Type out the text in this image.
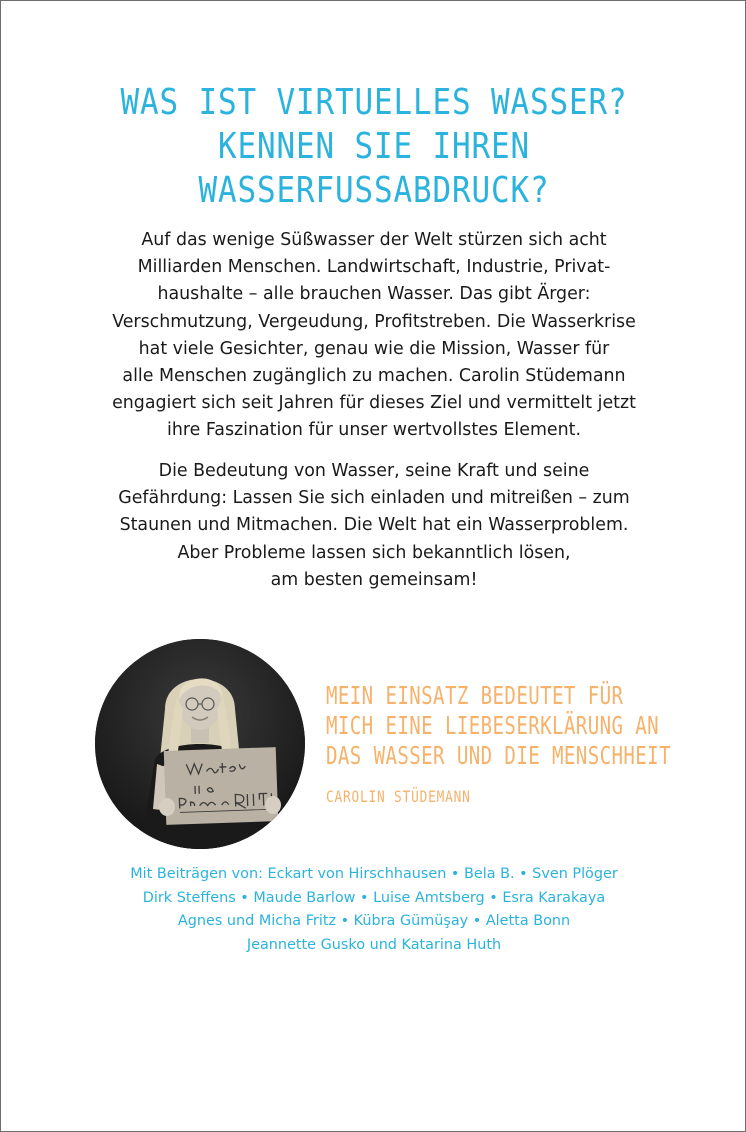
WAS IST VIRTUELLES WASSER?
KENNEN SIE IHREN
WASSERFUSSABDRUCK?
Auf das wenige Süßwasser der Welt stürzen sich acht
Milliarden Menschen. Landwirtschaft, Industrie, Privat-
haushalte – alle brauchen Wasser. Das gibt Ärger:
Verschmutzung, Vergeudung, Profitstreben. Die Wasserkrise
hat viele Gesichter, genau wie die Mission, Wasser für
alle Menschen zugänglich zu machen. Carolin Stüdemann
engagiert sich seit Jahren für dieses Ziel und vermittelt jetzt
ihre Faszination für unser wertvollstes Element.
Die Bedeutung von Wasser, seine Kraft und seine
Gefährdung: Lassen Sie sich einladen und mitreißen – zum
Staunen und Mitmachen. Die Welt hat ein Wasserproblem.
Aber Probleme lassen sich bekanntlich lösen,
am besten gemeinsam!
MEIN EINSATZ BEDEUTET FÜR
MICH EINE LIEBESERKLÄRUNG AN
DAS WASSER UND DIE MENSCHHEIT
CAROLIN STÜDEMANN
Mit Beiträgen von: Eckart von Hirschhausen • Bela B. • Sven Plöger
Dirk Steffens • Maude Barlow • Luise Amtsberg • Esra Karakaya
Agnes und Micha Fritz • Kübra Gümüşay • Aletta Bonn
Jeannette Gusko und Katarina Huth
